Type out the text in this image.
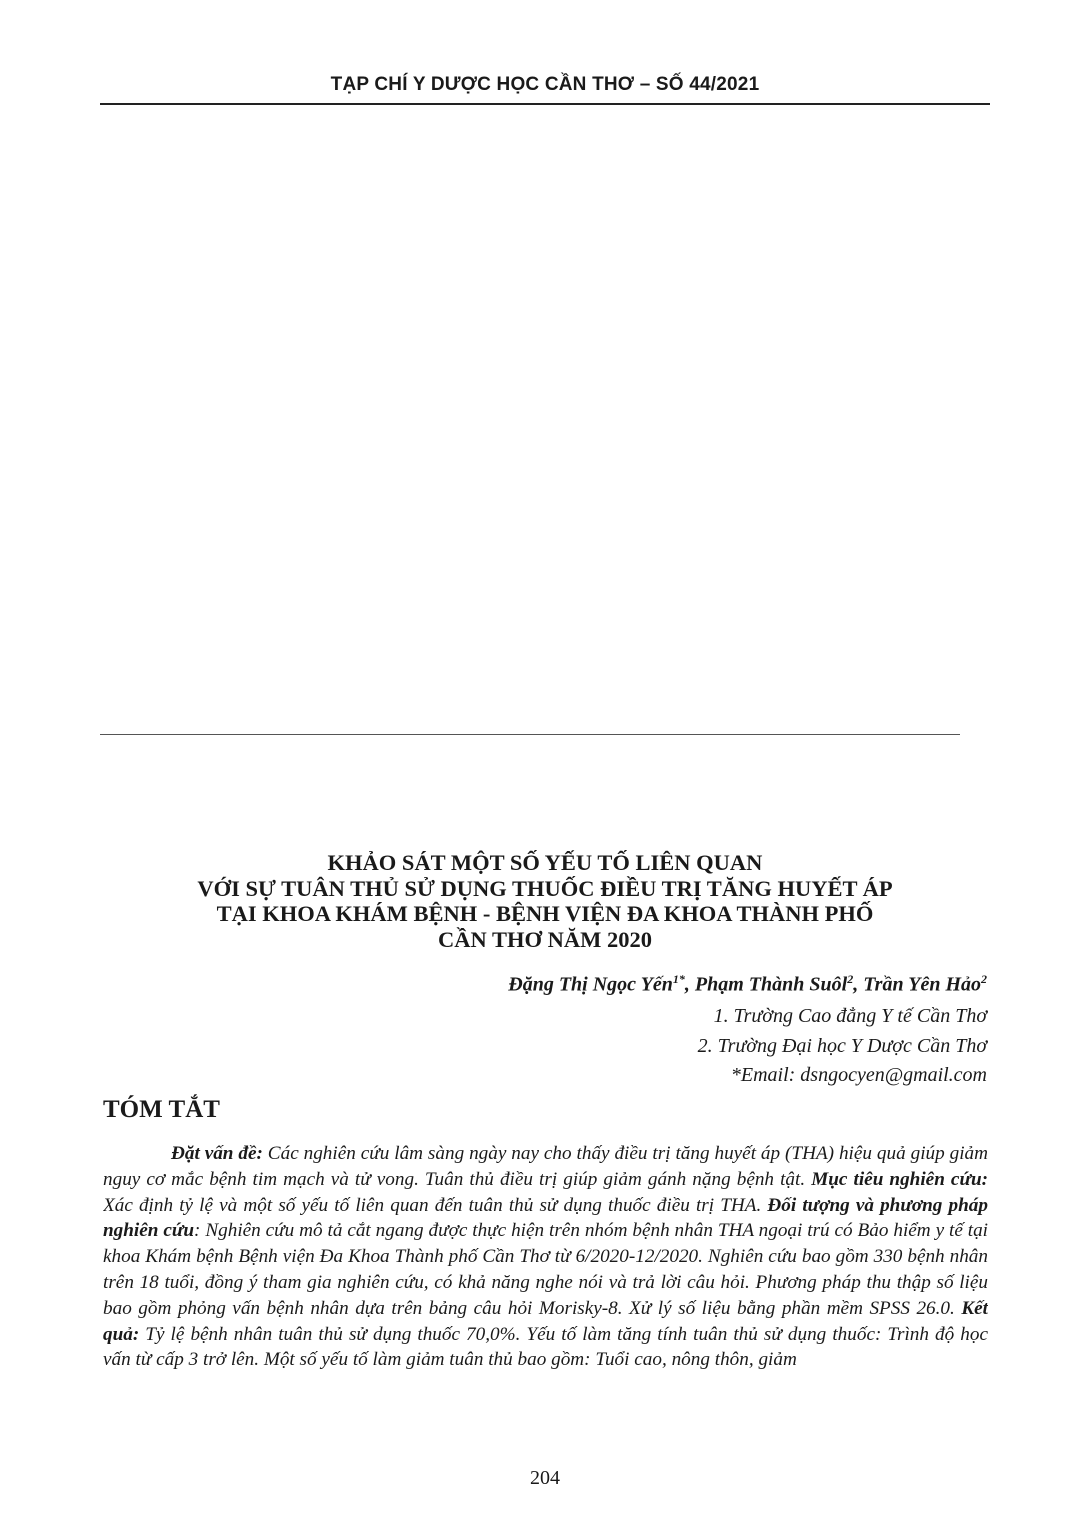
TẠP CHÍ Y DƯỢC HỌC CẦN THƠ – SỐ 44/2021
KHẢO SÁT MỘT SỐ YẾU TỐ LIÊN QUAN
VỚI SỰ TUÂN THỦ SỬ DỤNG THUỐC ĐIỀU TRỊ TĂNG HUYẾT ÁP
TẠI KHOA KHÁM BỆNH - BỆNH VIỆN ĐA KHOA THÀNH PHỐ
CẦN THƠ NĂM 2020
Đặng Thị Ngọc Yến$^{1*}$, Phạm Thành Suôl$^2$, Trần Yên Hảo$^2$
1. Trường Cao đẳng Y tế Cần Thơ
2. Trường Đại học Y Dược Cần Thơ
*Email: dsngocyen@gmail.com
TÓM TẮT

Đặt vấn đề: Các nghiên cứu lâm sàng ngày nay cho thấy điều trị tăng huyết áp (THA) hiệu quả giúp giảm nguy cơ mắc bệnh tim mạch và tử vong. Tuân thủ điều trị giúp giảm gánh nặng bệnh tật. Mục tiêu nghiên cứu: Xác định tỷ lệ và một số yếu tố liên quan đến tuân thủ sử dụng thuốc điều trị THA. Đối tượng và phương pháp nghiên cứu: Nghiên cứu mô tả cắt ngang được thực hiện trên nhóm bệnh nhân THA ngoại trú có Bảo hiểm y tế tại khoa Khám bệnh Bệnh viện Đa Khoa Thành phố Cần Thơ từ 6/2020-12/2020. Nghiên cứu bao gồm 330 bệnh nhân trên 18 tuổi, đồng ý tham gia nghiên cứu, có khả năng nghe nói và trả lời câu hỏi. Phương pháp thu thập số liệu bao gồm phỏng vấn bệnh nhân dựa trên bảng câu hỏi Morisky-8. Xử lý số liệu bằng phần mềm SPSS 26.0. Kết quả: Tỷ lệ bệnh nhân tuân thủ sử dụng thuốc 70,0%. Yếu tố làm tăng tính tuân thủ sử dụng thuốc: Trình độ học vấn từ cấp 3 trở lên. Một số yếu tố làm giảm tuân thủ bao gồm: Tuổi cao, nông thôn, giảm

204
